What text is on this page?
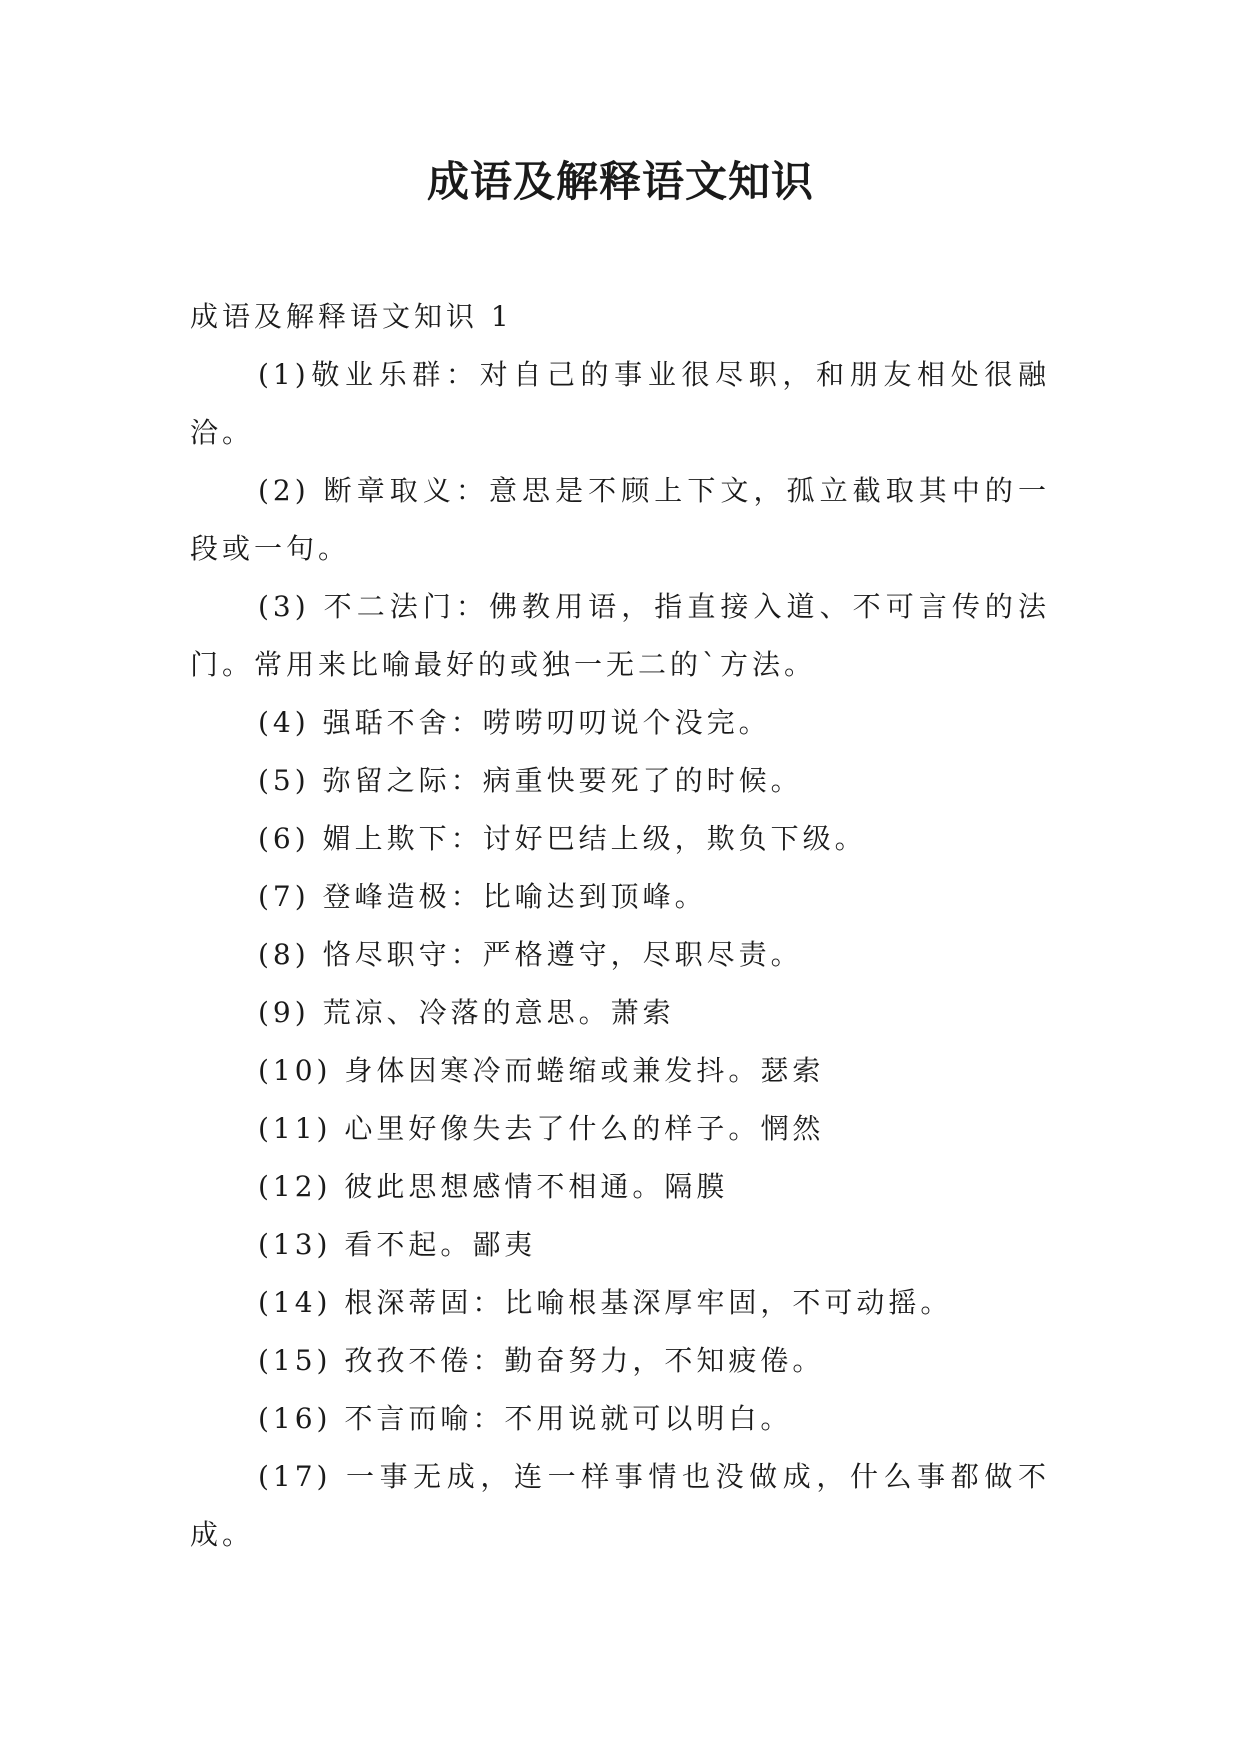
成语及解释语文知识

成语及解释语文知识 1

(1)敬业乐群：对自己的事业很尽职，和朋友相处很融洽。

(2) 断章取义：意思是不顾上下文，孤立截取其中的一段或一句。

(3) 不二法门：佛教用语，指直接入道、不可言传的法门。常用来比喻最好的或独一无二的`方法。

(4) 强聒不舍：唠唠叨叨说个没完。

(5) 弥留之际：病重快要死了的时候。

(6) 媚上欺下：讨好巴结上级，欺负下级。

(7) 登峰造极：比喻达到顶峰。

(8) 恪尽职守：严格遵守，尽职尽责。

(9) 荒凉、冷落的意思。萧索

(10) 身体因寒冷而蜷缩或兼发抖。瑟索

(11) 心里好像失去了什么的样子。惘然

(12) 彼此思想感情不相通。隔膜

(13) 看不起。鄙夷

(14) 根深蒂固：比喻根基深厚牢固，不可动摇。

(15) 孜孜不倦：勤奋努力，不知疲倦。

(16) 不言而喻：不用说就可以明白。

(17) 一事无成，连一样事情也没做成，什么事都做不成。
